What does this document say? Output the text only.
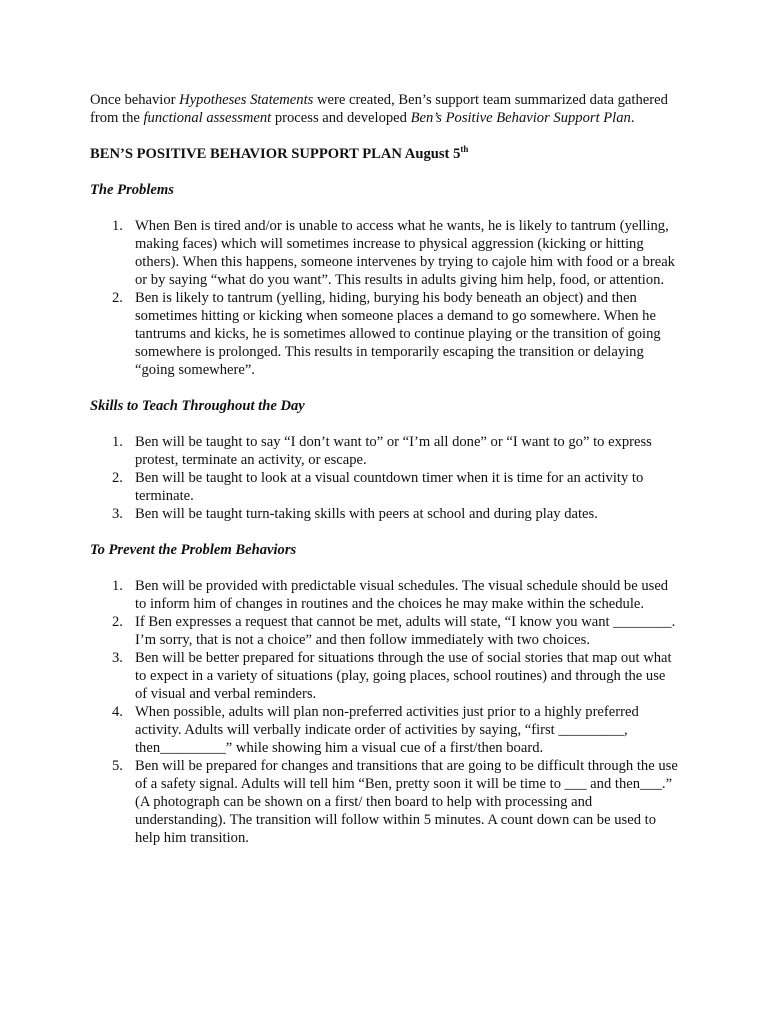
Once behavior Hypotheses Statements were created, Ben’s support team summarized data gathered from the functional assessment process and developed Ben’s Positive Behavior Support Plan.

BEN’S POSITIVE BEHAVIOR SUPPORT PLAN August 5th

The Problems

1. When Ben is tired and/or is unable to access what he wants, he is likely to tantrum (yelling, making faces) which will sometimes increase to physical aggression (kicking or hitting others). When this happens, someone intervenes by trying to cajole him with food or a break or by saying “what do you want”. This results in adults giving him help, food, or attention.
2. Ben is likely to tantrum (yelling, hiding, burying his body beneath an object) and then sometimes hitting or kicking when someone places a demand to go somewhere. When he tantrums and kicks, he is sometimes allowed to continue playing or the transition of going somewhere is prolonged. This results in temporarily escaping the transition or delaying “going somewhere”.

Skills to Teach Throughout the Day

1. Ben will be taught to say “I don’t want to” or “I’m all done” or “I want to go” to express protest, terminate an activity, or escape.
2. Ben will be taught to look at a visual countdown timer when it is time for an activity to terminate.
3. Ben will be taught turn-taking skills with peers at school and during play dates.

To Prevent the Problem Behaviors

1. Ben will be provided with predictable visual schedules. The visual schedule should be used to inform him of changes in routines and the choices he may make within the schedule.
2. If Ben expresses a request that cannot be met, adults will state, “I know you want ________. I’m sorry, that is not a choice” and then follow immediately with two choices.
3. Ben will be better prepared for situations through the use of social stories that map out what to expect in a variety of situations (play, going places, school routines) and through the use of visual and verbal reminders.
4. When possible, adults will plan non-preferred activities just prior to a highly preferred activity. Adults will verbally indicate order of activities by saying, “first _________, then_________” while showing him a visual cue of a first/then board.
5. Ben will be prepared for changes and transitions that are going to be difficult through the use of a safety signal. Adults will tell him “Ben, pretty soon it will be time to ___ and then___.” (A photograph can be shown on a first/ then board to help with processing and understanding). The transition will follow within 5 minutes. A count down can be used to help him transition.
